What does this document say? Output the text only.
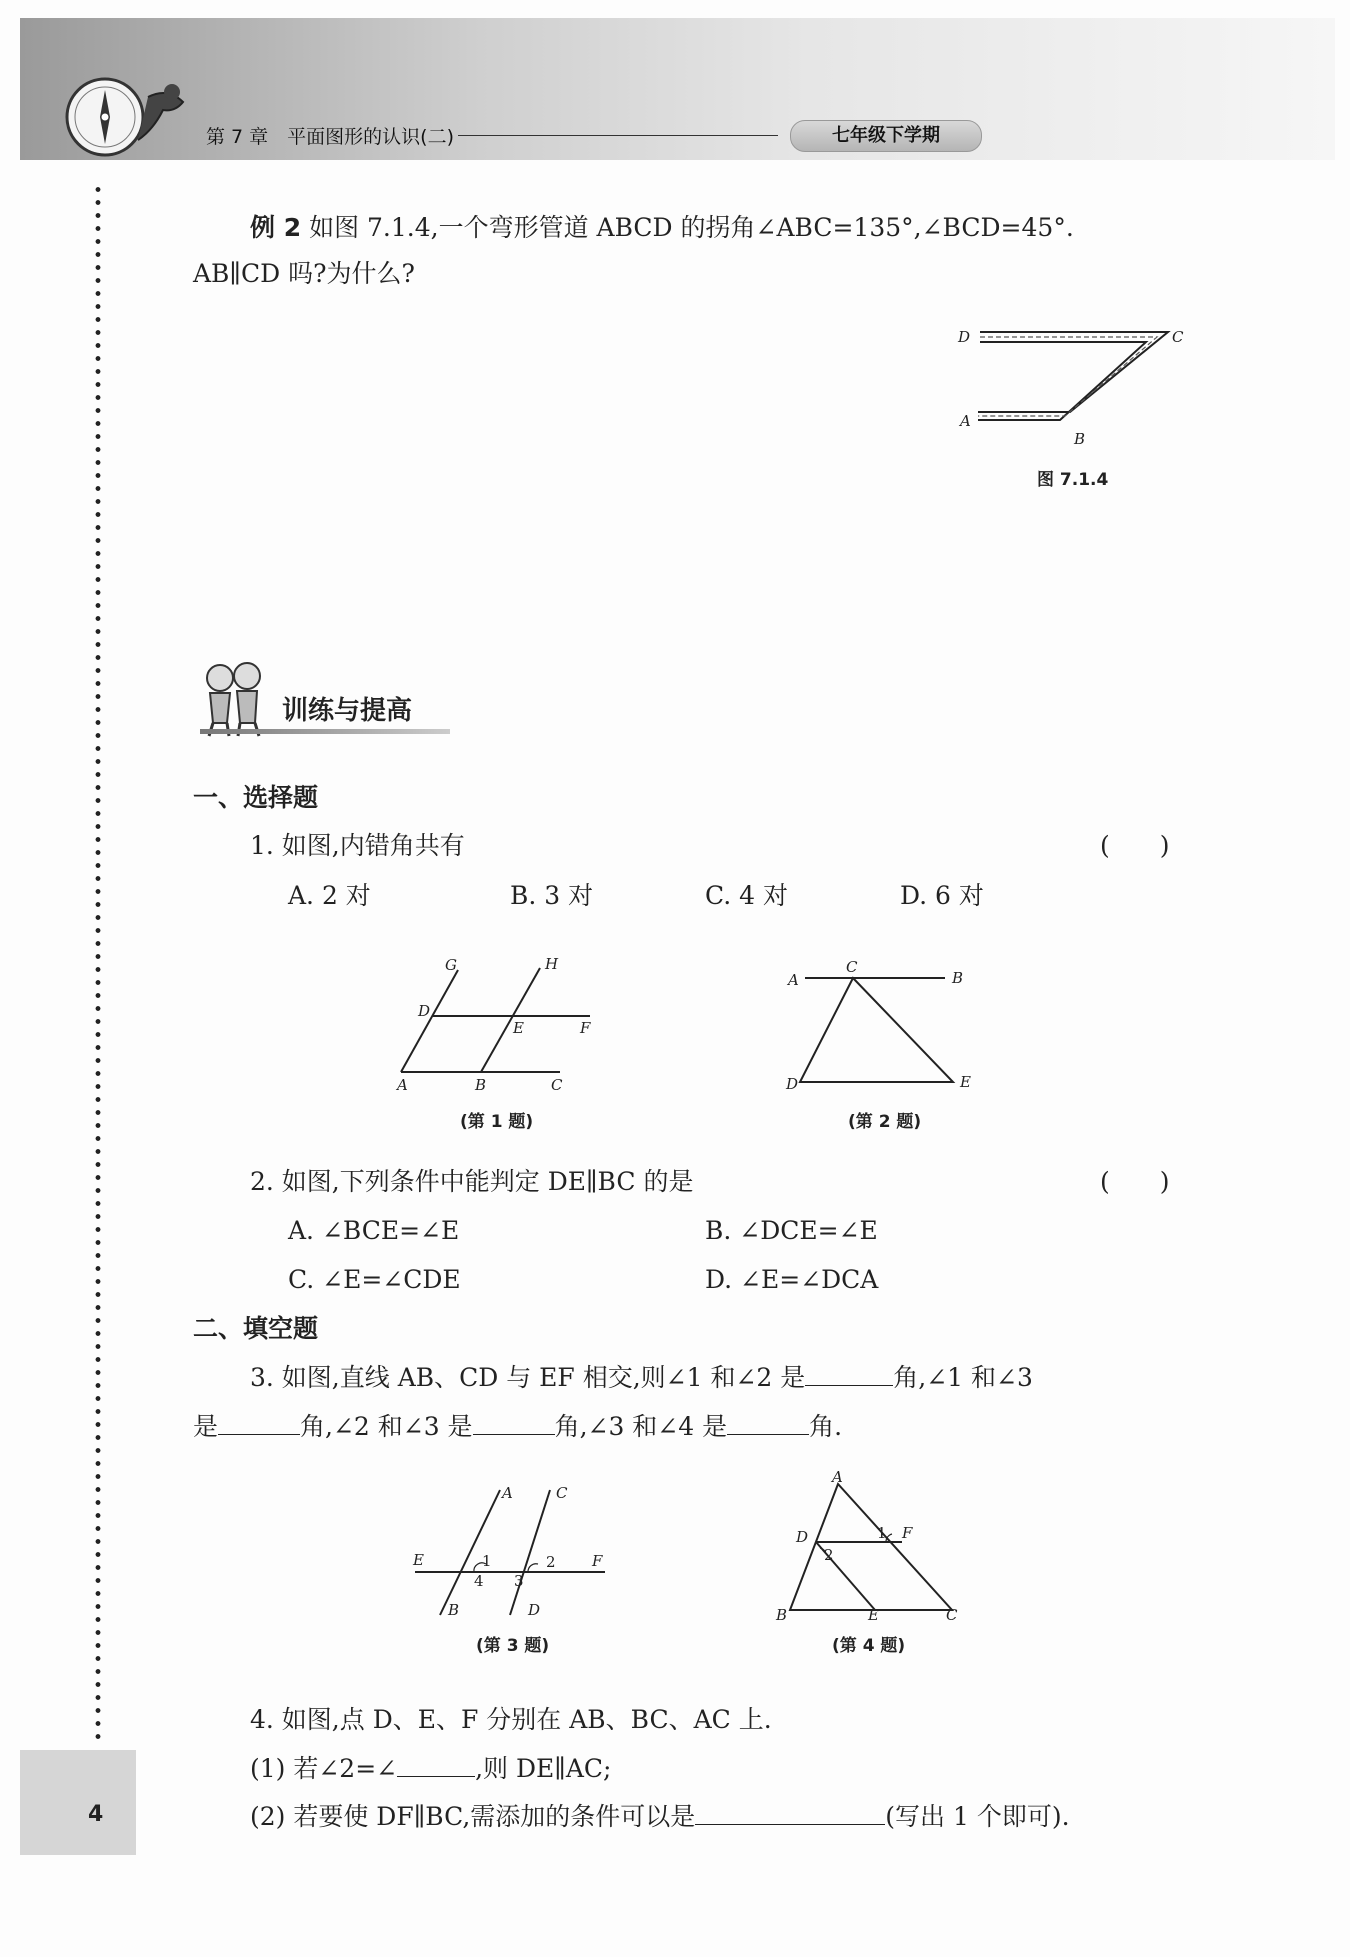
第 7 章　平面图形的认识(二)	七年级下学期
例 2 如图 7.1.4,一个弯形管道 ABCD 的拐角∠ABC=135°,∠BCD=45°.
AB∥CD 吗?为什么?
D	C
A
B
图 7.1.4
训练与提高
一、选择题
1. 如图,内错角共有	(　　)
A. 2 对	B. 3 对	C. 4 对	D. 6 对
G	H
D
E	F
A	B	C
(第 1 题)
A
C
B
D	E
(第 2 题)
2. 如图,下列条件中能判定 DE∥BC 的是	(　　)
A. ∠BCE=∠E	B. ∠DCE=∠E
C. ∠E=∠CDE	D. ∠E=∠DCA
二、填空题
3. 如图,直线 AB、CD 与 EF 相交,则∠1 和∠2 是	角,∠1 和∠3
是	角,∠2 和∠3 是	角,∠3 和∠4 是	角.
A	C
E	F
B	D
1	2
3
4
(第 3 题)
A
D	F
B	E	C
1
2
(第 4 题)
4. 如图,点 D、E、F 分别在 AB、BC、AC 上.
(1) 若∠2=∠	,则 DE∥AC;
(2) 若要使 DF∥BC,需添加的条件可以是	(写出 1 个即可).
4
